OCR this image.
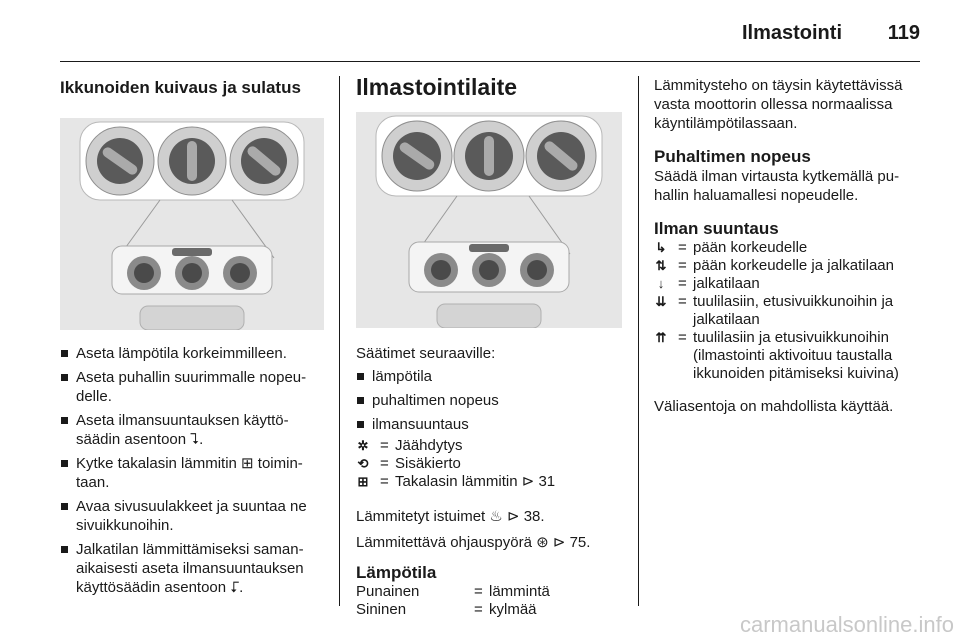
Ilmastointi 119
Ikkunoiden kuivaus ja sulatus
Aseta lämpötila korkeimmilleen.
Aseta puhallin suurimmalle nopeu-delle.
Aseta ilmansuuntauksen käyttö-säädin asentoon ⮧.
Kytke takalasin lämmitin ⊞ toimin-taan.
Avaa sivusuulakkeet ja suuntaa ne sivuikkunoihin.
Jalkatilan lämmittämiseksi saman-aikaisesti aseta ilmansuuntauksen käyttösäädin asentoon ⮦.
Ilmastointilaite
Säätimet seuraaville:
lämpötila
puhaltimen nopeus
ilmansuuntaus
✲ = Jäähdytys
⟲ = Sisäkierto
⊞ = Takalasin lämmitin ⊳ 31
Lämmitetyt istuimet ♨ ⊳ 38.
Lämmitettävä ohjauspyörä ⊛ ⊳ 75.
Lämpötila
Punainen	= lämmintä
Sininen	= kylmää
Lämmitysteho on täysin käytettävissä vasta moottorin ollessa normaalissa käyntilämpötilassaan.
Puhaltimen nopeus
Säädä ilman virtausta kytkemällä pu-hallin haluamallesi nopeudelle.
Ilman suuntaus
↳ = pään korkeudelle
⇅ = pään korkeudelle ja jalkatilaan
↓ = jalkatilaan
⇊ = tuulilasiin, etusivuikkunoihin ja jalkatilaan
⇈ = tuulilasiin ja etusivuikkunoihin (ilmastointi aktivoituu taustalla ikkunoiden pitämiseksi kuivina)
Väliasentoja on mahdollista käyttää.
carmanualsonline.info
